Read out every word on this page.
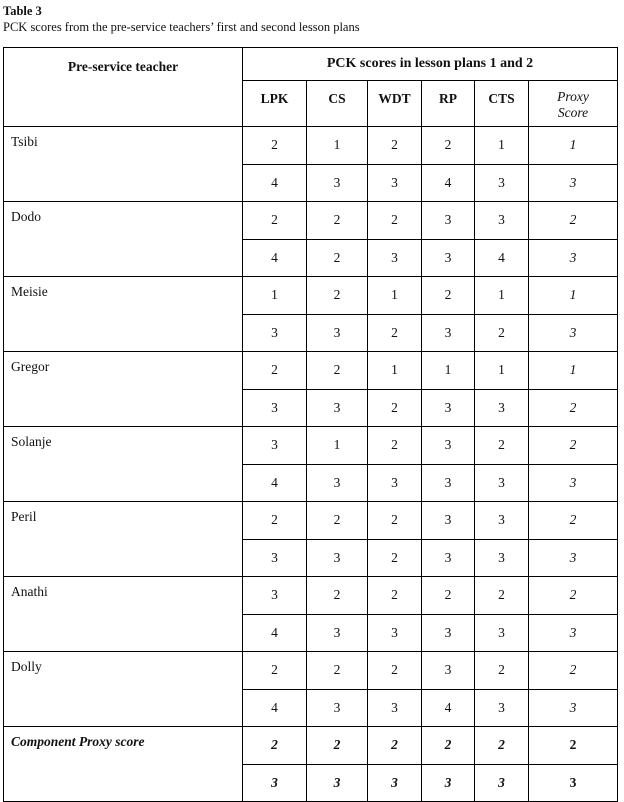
Table 3
PCK scores from the pre-service teachers’ first and second lesson plans
Pre-service teacher	PCK scores in lesson plans 1 and 2					
	LPK	CS	WDT	RP	CTS	Proxy
Score

Tsibi	2	1	2	2	1	1
	4	3	3	4	3	3
Dodo	2	2	2	3	3	2
	4	2	3	3	4	3
Meisie	1	2	1	2	1	1
	3	3	2	3	2	3
Gregor	2	2	1	1	1	1
	3	3	2	3	3	2
Solanje	3	1	2	3	2	2
	4	3	3	3	3	3
Peril	2	2	2	3	3	2
	3	3	2	3	3	3
Anathi	3	2	2	2	2	2
	4	3	3	3	3	3
Dolly	2	2	2	3	2	2
	4	3	3	4	3	3
Component Proxy score	2	2	2	2	2	2
	3	3	3	3	3	3
